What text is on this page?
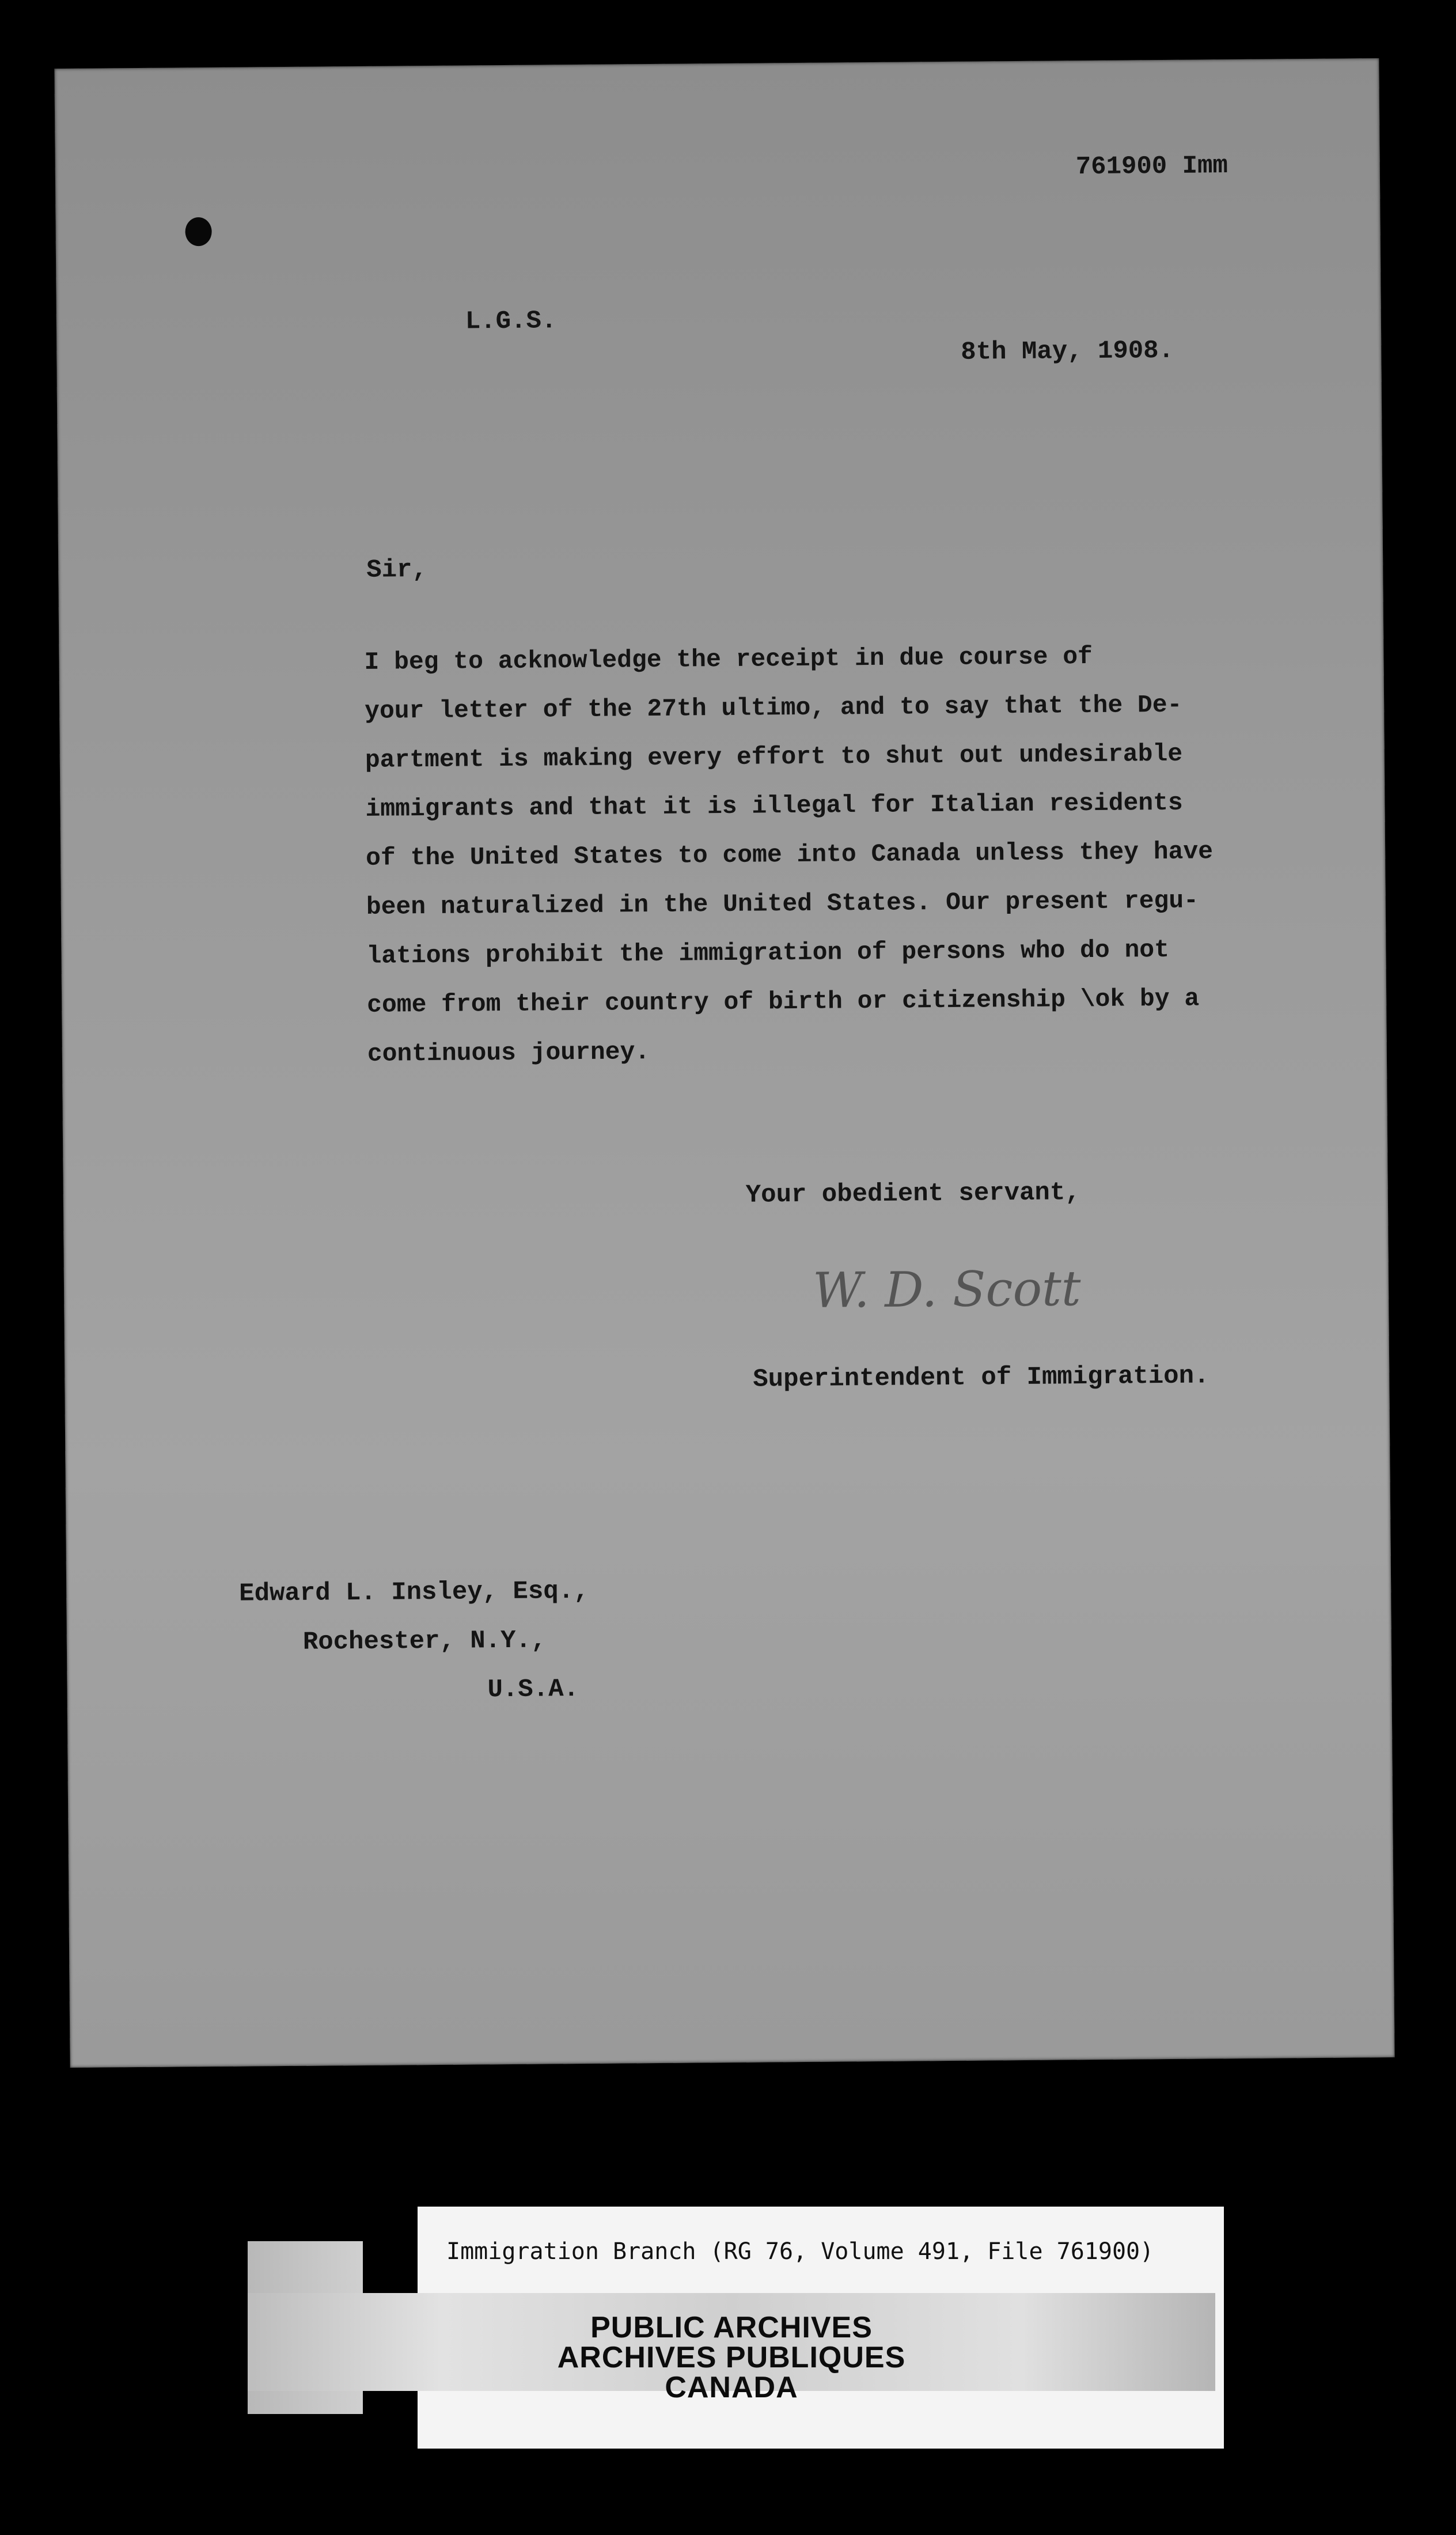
761900 Imm
L.G.S.
8th May, 1908.
Sir,
I beg to acknowledge the receipt in due course of
your letter of the 27th ultimo, and to say that the De-
partment is making every effort to shut out undesirable
immigrants and that it is illegal for Italian residents
of the United States to come into Canada unless they have
been naturalized in the United States. Our present regu-
lations prohibit the immigration of persons who do not
come from their country of birth or citizenship \ok by a
continuous journey.
Your obedient servant,
W. D. Scott
Superintendent of Immigration.
Edward L. Insley, Esq.,
Rochester, N.Y.,
U.S.A.
Immigration Branch (RG 76, Volume 491, File 761900)
PUBLIC ARCHIVES
ARCHIVES PUBLIQUES
CANADA
